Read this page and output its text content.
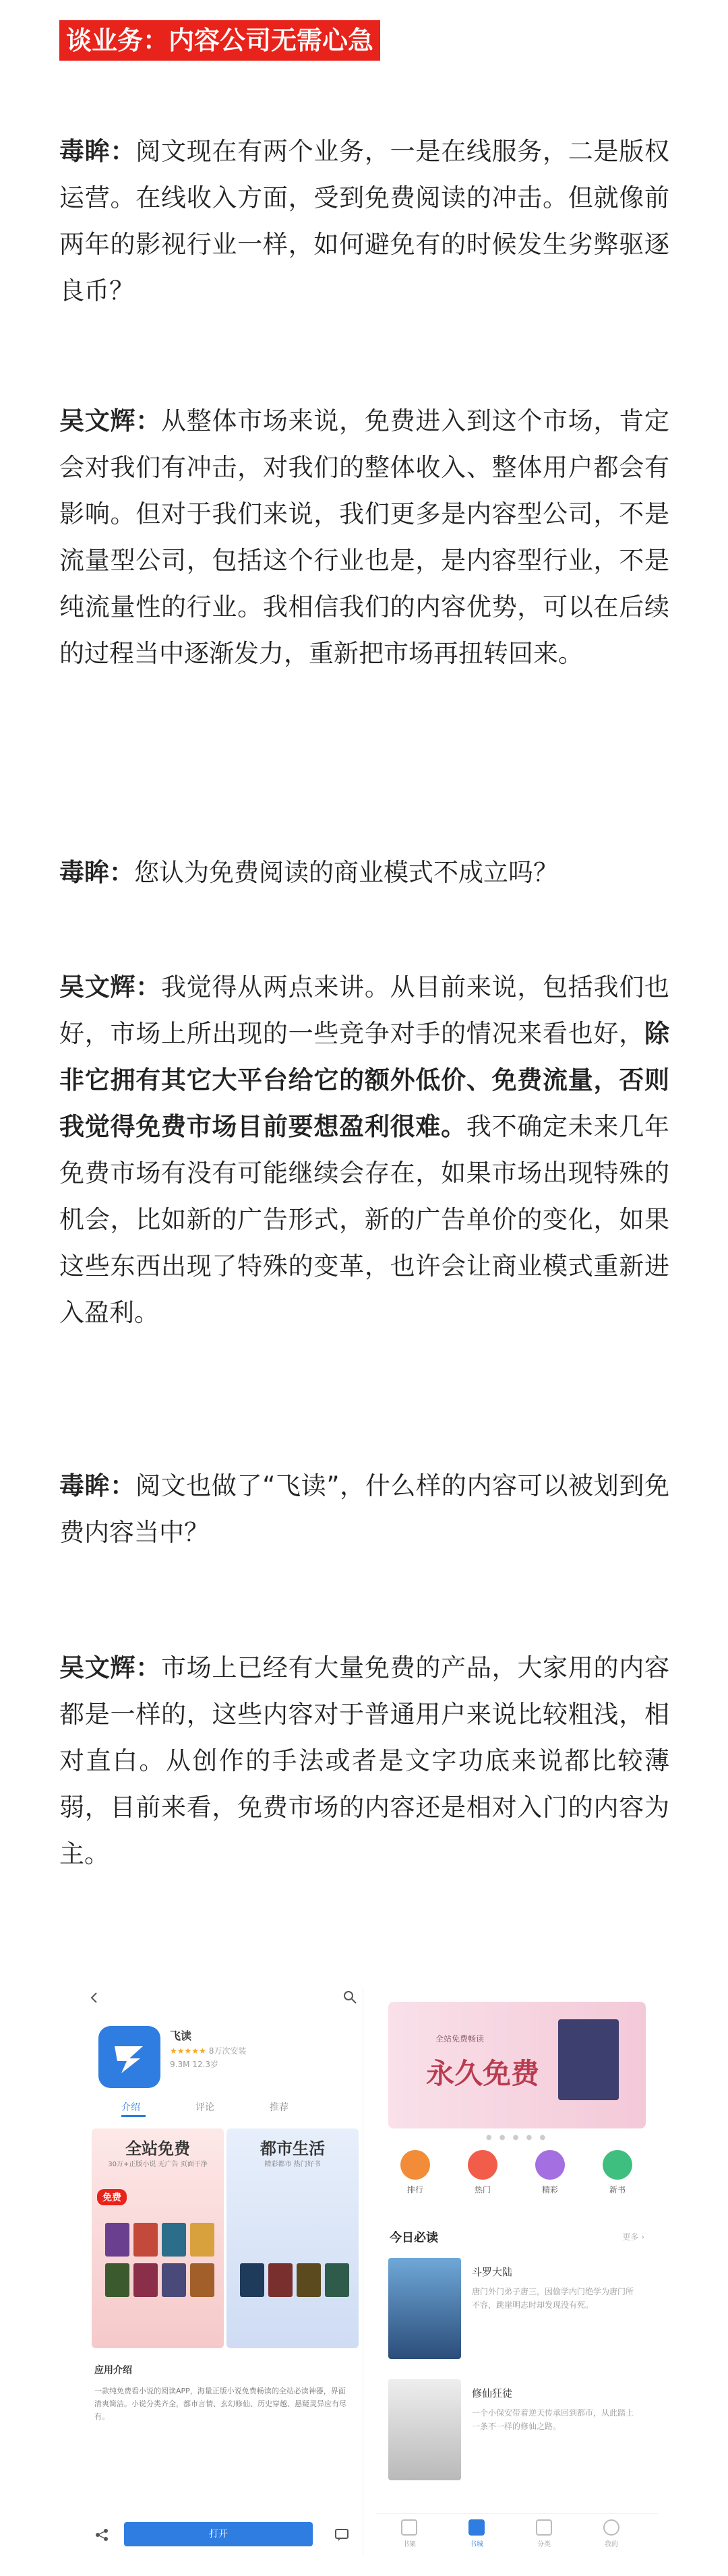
谈业务：内容公司无需心急

毒眸：阅文现在有两个业务，一是在线服务，二是版权运营。在线收入方面，受到免费阅读的冲击。但就像前两年的影视行业一样，如何避免有的时候发生劣弊驱逐良币？

吴文辉：从整体市场来说，免费进入到这个市场，肯定会对我们有冲击，对我们的整体收入、整体用户都会有影响。但对于我们来说，我们更多是内容型公司，不是流量型公司，包括这个行业也是，是内容型行业，不是纯流量性的行业。我相信我们的内容优势，可以在后续的过程当中逐渐发力，重新把市场再扭转回来。

毒眸：您认为免费阅读的商业模式不成立吗？

吴文辉：我觉得从两点来讲。从目前来说，包括我们也好，市场上所出现的一些竞争对手的情况来看也好，除非它拥有其它大平台给它的额外低价、免费流量，否则我觉得免费市场目前要想盈利很难。我不确定未来几年免费市场有没有可能继续会存在，如果市场出现特殊的机会，比如新的广告形式，新的广告单价的变化，如果这些东西出现了特殊的变革，也许会让商业模式重新进入盈利。

毒眸：阅文也做了“飞读”，什么样的内容可以被划到免费内容当中？

吴文辉：市场上已经有大量免费的产品，大家用的内容都是一样的，这些内容对于普通用户来说比较粗浅，相对直白。从创作的手法或者是文字功底来说都比较薄弱，目前来看，免费市场的内容还是相对入门的内容为主。

飞读
★★★★★ 8万次安装
9.3M 12.3岁
介绍	评论	推荐
全站免费
30万+正版小说 无广告 页面干净
免费
都市生活
精彩都市 热门好书
应用介绍
一款纯免费看小说的阅读APP，海量正版小说免费畅读的全站必读神器，界面清爽简洁。小说分类齐全，都市言情、玄幻修仙、历史穿越、悬疑灵异应有尽有。
打开
全站免费畅读
永久免费
● ● ● ● ●
排行	热门	精彩	新书
今日必读	更多 ›
斗罗大陆
唐门外门弟子唐三，因偷学内门绝学为唐门所不容，跳崖明志时却发现没有死。
修仙狂徒
一个小保安带着逆天传承回到都市，从此踏上一条不一样的修仙之路。
书架	书城	分类	我的
